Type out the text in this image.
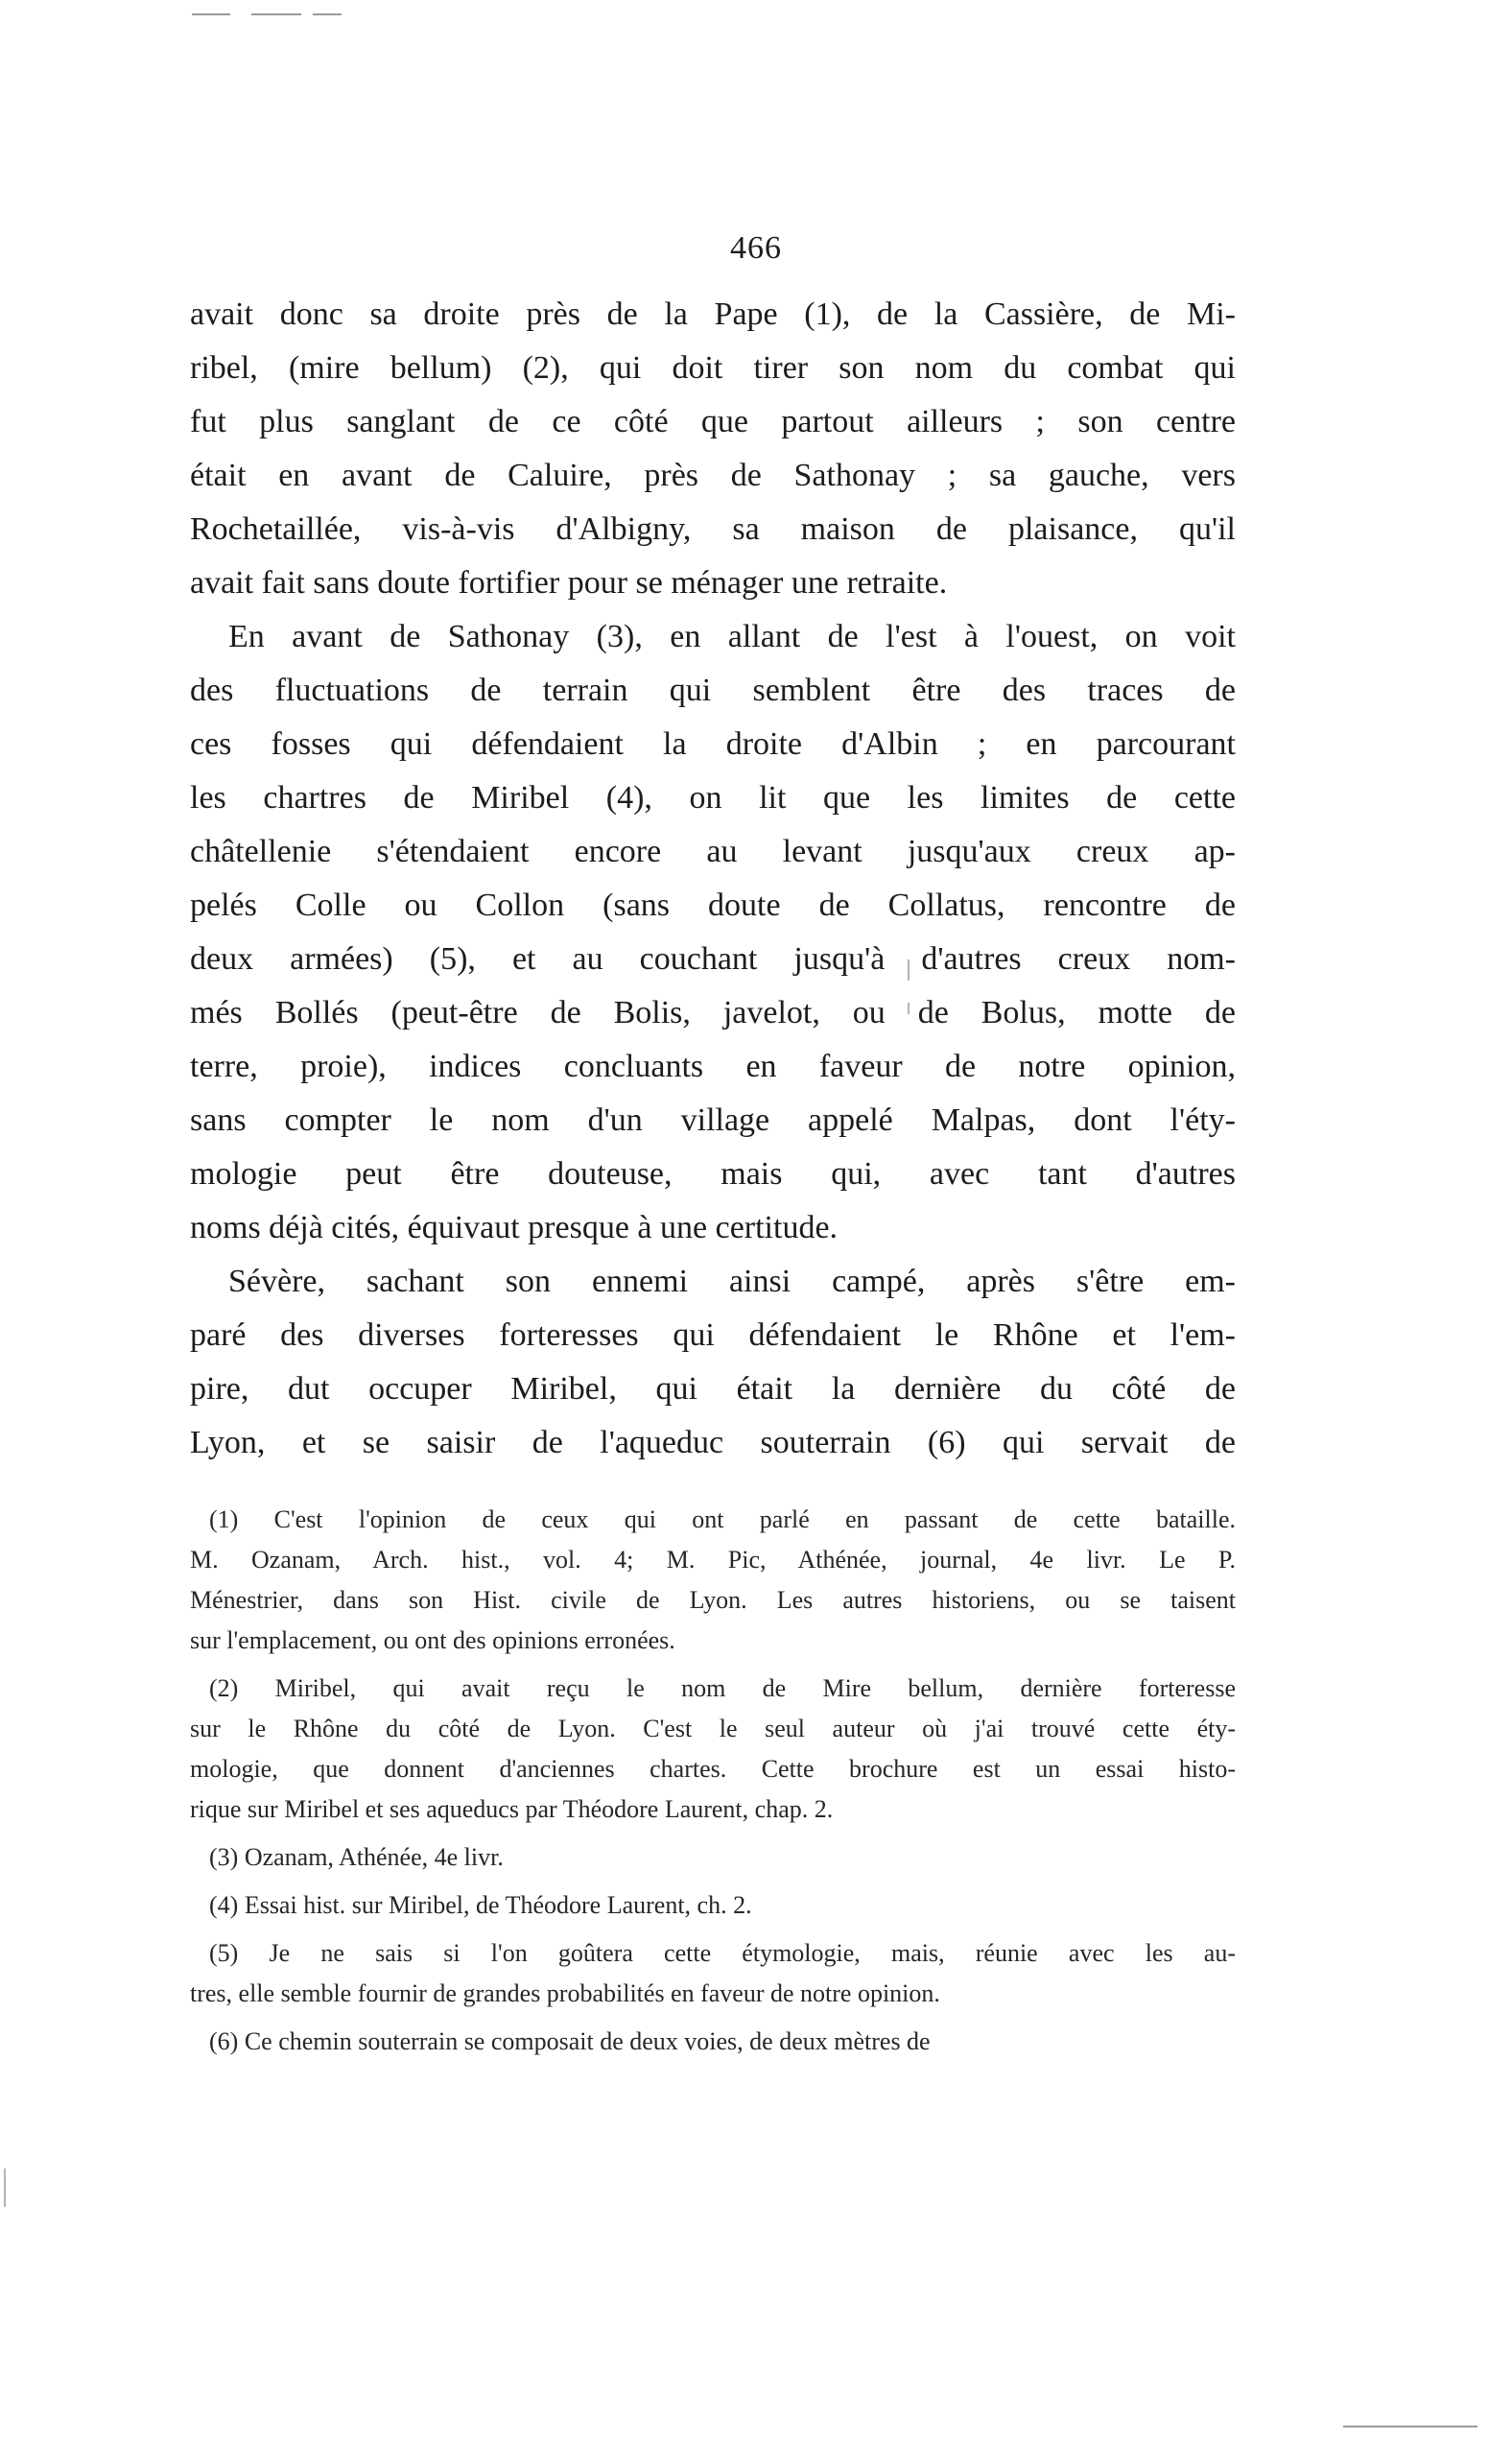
466
avait donc sa droite près de la Pape (1), de la Cassière, de Mi-
ribel, (mire bellum) (2), qui doit tirer son nom du combat qui
fut plus sanglant de ce côté que partout ailleurs ; son centre
était en avant de Caluire, près de Sathonay ; sa gauche, vers
Rochetaillée, vis-à-vis d'Albigny, sa maison de plaisance, qu'il
avait fait sans doute fortifier pour se ménager une retraite.
En avant de Sathonay (3), en allant de l'est à l'ouest, on voit
des fluctuations de terrain qui semblent être des traces de
ces fosses qui défendaient la droite d'Albin ; en parcourant
les chartres de Miribel (4), on lit que les limites de cette
châtellenie s'étendaient encore au levant jusqu'aux creux ap-
pelés Colle ou Collon (sans doute de Collatus, rencontre de
deux armées) (5), et au couchant jusqu'à d'autres creux nom-
més Bollés (peut-être de Bolis, javelot, ou de Bolus, motte de
terre, proie), indices concluants en faveur de notre opinion,
sans compter le nom d'un village appelé Malpas, dont l'éty-
mologie peut être douteuse, mais qui, avec tant d'autres
noms déjà cités, équivaut presque à une certitude.
Sévère, sachant son ennemi ainsi campé, après s'être em-
paré des diverses forteresses qui défendaient le Rhône et l'em-
pire, dut occuper Miribel, qui était la dernière du côté de
Lyon, et se saisir de l'aqueduc souterrain (6) qui servait de
(1) C'est l'opinion de ceux qui ont parlé en passant de cette bataille.
M. Ozanam, Arch. hist., vol. 4; M. Pic, Athénée, journal, 4e livr. Le P.
Ménestrier, dans son Hist. civile de Lyon. Les autres historiens, ou se taisent
sur l'emplacement, ou ont des opinions erronées.
(2) Miribel, qui avait reçu le nom de Mire bellum, dernière forteresse
sur le Rhône du côté de Lyon. C'est le seul auteur où j'ai trouvé cette éty-
mologie, que donnent d'anciennes chartes. Cette brochure est un essai histo-
rique sur Miribel et ses aqueducs par Théodore Laurent, chap. 2.
(3) Ozanam, Athénée, 4e livr.
(4) Essai hist. sur Miribel, de Théodore Laurent, ch. 2.
(5) Je ne sais si l'on goûtera cette étymologie, mais, réunie avec les au-
tres, elle semble fournir de grandes probabilités en faveur de notre opinion.
(6) Ce chemin souterrain se composait de deux voies, de deux mètres de
